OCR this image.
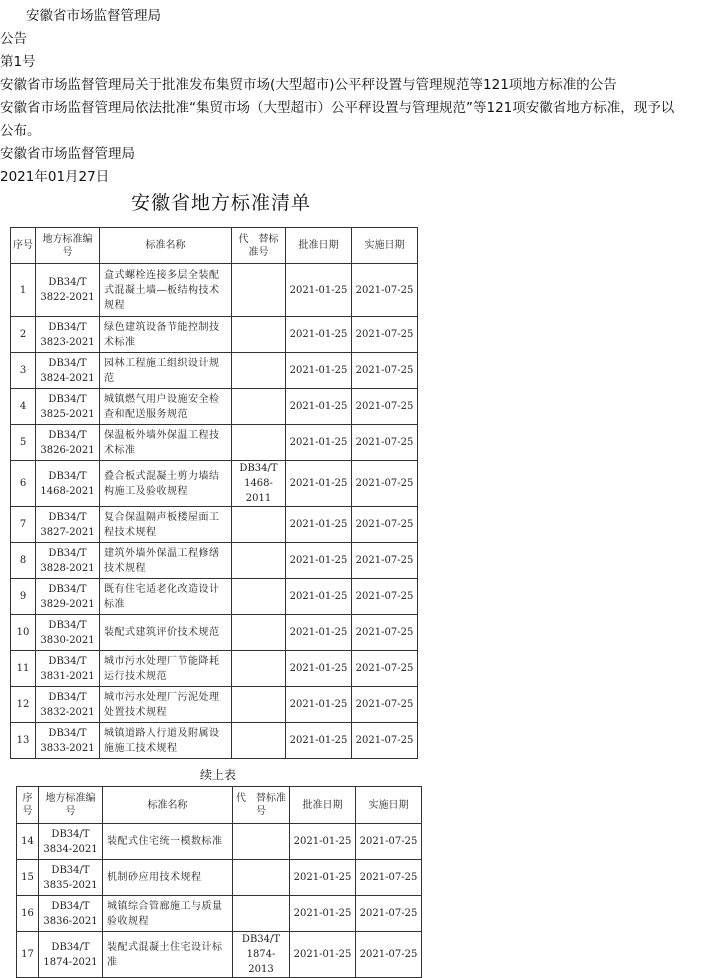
安徽省市场监督管理局
公告
第1号
安徽省市场监督管理局关于批准发布集贸市场(大型超市)公平秤设置与管理规范等121项地方标准的公告
安徽省市场监督管理局依法批准“集贸市场（大型超市）公平秤设置与管理规范”等121项安徽省地方标准，现予以
公布。
安徽省市场监督管理局
2021年01月27日
安徽省地方标准清单
序号	地方标准编　号	标准名称	代　替标准号	批准日期	实施日期
1	DB34/T 3822-2021	盒式螺栓连接多层全装配式混凝土墙—板结构技术规程		2021-01-25	2021-07-25
2	DB34/T 3823-2021	绿色建筑设备节能控制技术标准		2021-01-25	2021-07-25
3	DB34/T 3824-2021	园林工程施工组织设计规范		2021-01-25	2021-07-25
4	DB34/T 3825-2021	城镇燃气用户设施安全检查和配送服务规范		2021-01-25	2021-07-25
5	DB34/T 3826-2021	保温板外墙外保温工程技术标准		2021-01-25	2021-07-25
6	DB34/T 1468-2021	叠合板式混凝土剪力墙结构施工及验收规程	DB34/T 1468-2011	2021-01-25	2021-07-25
7	DB34/T 3827-2021	复合保温隔声板楼屋面工程技术规程		2021-01-25	2021-07-25
8	DB34/T 3828-2021	建筑外墙外保温工程修缮技术规程		2021-01-25	2021-07-25
9	DB34/T 3829-2021	既有住宅适老化改造设计标准		2021-01-25	2021-07-25
10	DB34/T 3830-2021	装配式建筑评价技术规范		2021-01-25	2021-07-25
11	DB34/T 3831-2021	城市污水处理厂节能降耗运行技术规范		2021-01-25	2021-07-25
12	DB34/T 3832-2021	城市污水处理厂污泥处理处置技术规程		2021-01-25	2021-07-25
13	DB34/T 3833-2021	城镇道路人行道及附属设施施工技术规程		2021-01-25	2021-07-25
续上表
序号	地方标准编　号	标准名称	代　替标准号	批准日期	实施日期
14	DB34/T 3834-2021	装配式住宅统一模数标准		2021-01-25	2021-07-25
15	DB34/T 3835-2021	机制砂应用技术规程		2021-01-25	2021-07-25
16	DB34/T 3836-2021	城镇综合管廊施工与质量验收规程		2021-01-25	2021-07-25
17	DB34/T 1874-2021	装配式混凝土住宅设计标准	DB34/T 1874-2013	2021-01-25	2021-07-25
